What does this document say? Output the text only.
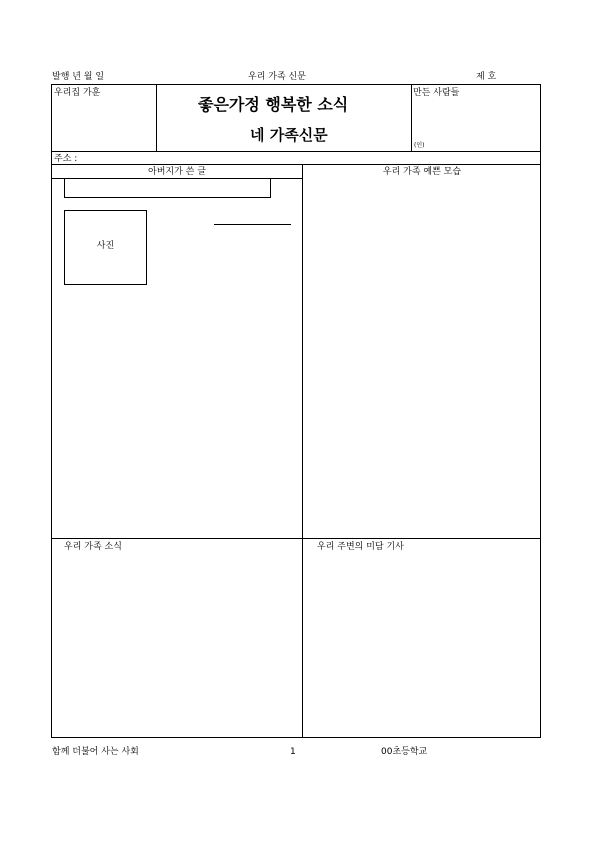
발행 년 월 일	우리 가족 신문	제 호
우리집 가훈
좋은가정 행복한 소식
네 가족신문
만든 사람들
(인)
주소 :
아버지가 쓴 글
사진
우리 가족 예쁜 모습
우리 가족 소식	우리 주변의 미담 기사
함께 더불어 사는 사회	1	00초등학교
